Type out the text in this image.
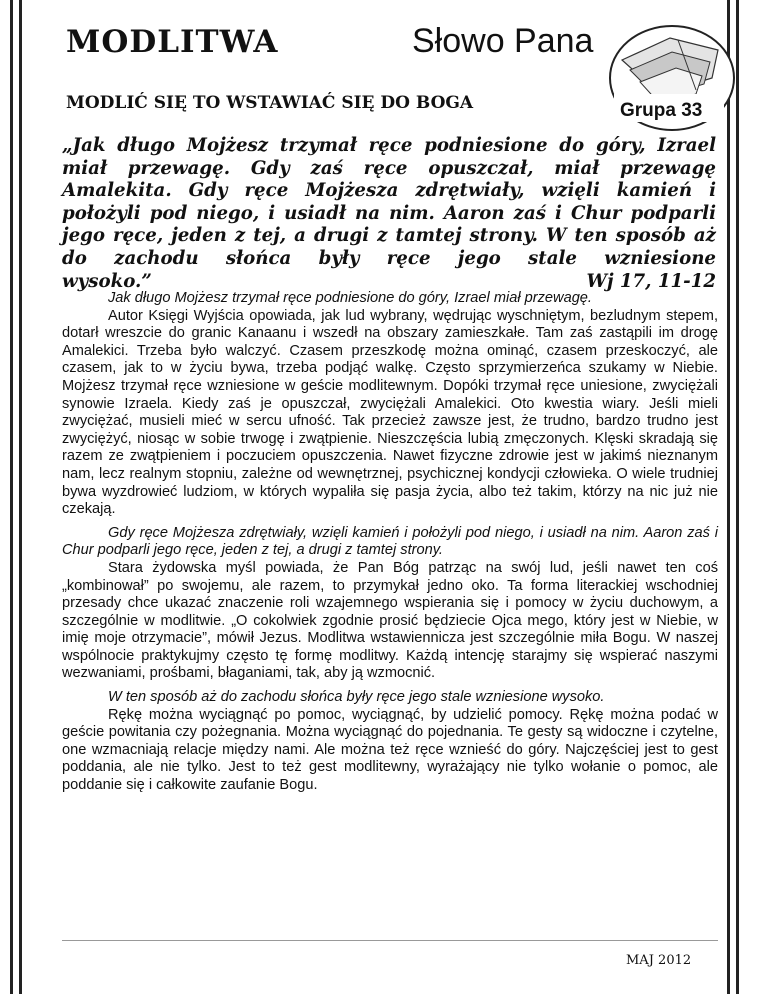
MODLITWA	Słowo Pana
Grupa 33
MODLIĆ SIĘ TO WSTAWIAĆ SIĘ DO BOGA

„Jak długo Mojżesz trzymał ręce podniesione do góry, Izrael miał przewagę. Gdy zaś ręce opuszczał, miał przewagę Amalekita. Gdy ręce Mojżesza zdrętwiały, wzięli kamień i położyli pod niego, i usiadł na nim. Aaron zaś i Chur podparli jego ręce, jeden z tej, a drugi z tamtej strony. W ten sposób aż do zachodu słońca były ręce jego stale wzniesione

wysoko.”	Wj 17, 11-12

Jak długo Mojżesz trzymał ręce podniesione do góry, Izrael miał przewagę.

Autor Księgi Wyjścia opowiada, jak lud wybrany, wędrując wyschniętym, bezludnym stepem, dotarł wreszcie do granic Kanaanu i wszedł na obszary zamieszkałe. Tam zaś zastąpili im drogę Amalekici. Trzeba było walczyć. Czasem przeszkodę można ominąć, czasem przeskoczyć, ale czasem, jak to w życiu bywa, trzeba podjąć walkę. Często sprzymierzeńca szukamy w Niebie. Mojżesz trzymał ręce wzniesione w geście modlitewnym. Dopóki trzymał ręce uniesione, zwyciężali synowie Izraela. Kiedy zaś je opuszczał, zwyciężali Amalekici. Oto kwestia wiary. Jeśli mieli zwyciężać, musieli mieć w sercu ufność. Tak przecież zawsze jest, że trudno, bardzo trudno jest zwyciężyć, niosąc w sobie trwogę i zwątpienie. Nieszczęścia lubią zmęczonych. Klęski skradają się razem ze zwątpieniem i poczuciem opuszczenia. Nawet fizyczne zdrowie jest w jakimś nieznanym nam, lecz realnym stopniu, zależne od wewnętrznej, psychicznej kondycji człowieka. O wiele trudniej bywa wyzdrowieć ludziom, w których wypaliła się pasja życia, albo też takim, którzy na nic już nie czekają.

Gdy ręce Mojżesza zdrętwiały, wzięli kamień i położyli pod niego, i usiadł na nim. Aaron zaś i Chur podparli jego ręce, jeden z tej, a drugi z tamtej strony.

Stara żydowska myśl powiada, że Pan Bóg patrząc na swój lud, jeśli nawet ten coś „kombinował” po swojemu, ale razem, to przymykał jedno oko. Ta forma literackiej wschodniej przesady chce ukazać znaczenie roli wzajemnego wspierania się i pomocy w życiu duchowym, a szczególnie w modlitwie. „O cokolwiek zgodnie prosić będziecie Ojca mego, który jest w Niebie, w imię moje otrzymacie”, mówił Jezus. Modlitwa wstawiennicza jest szczególnie miła Bogu. W naszej wspólnocie praktykujmy często tę formę modlitwy. Każdą intencję starajmy się wspierać naszymi wezwaniami, prośbami, błaganiami, tak, aby ją wzmocnić.

W ten sposób aż do zachodu słońca były ręce jego stale wzniesione wysoko.

Rękę można wyciągnąć po pomoc, wyciągnąć, by udzielić pomocy. Rękę można podać w geście powitania czy pożegnania. Można wyciągnąć do pojednania. Te gesty są widoczne i czytelne, one wzmacniają relacje między nami. Ale można też ręce wznieść do góry. Najczęściej jest to gest poddania, ale nie tylko. Jest to też gest modlitewny, wyrażający nie tylko wołanie o pomoc, ale poddanie się i całkowite zaufanie Bogu.

MAJ 2012
